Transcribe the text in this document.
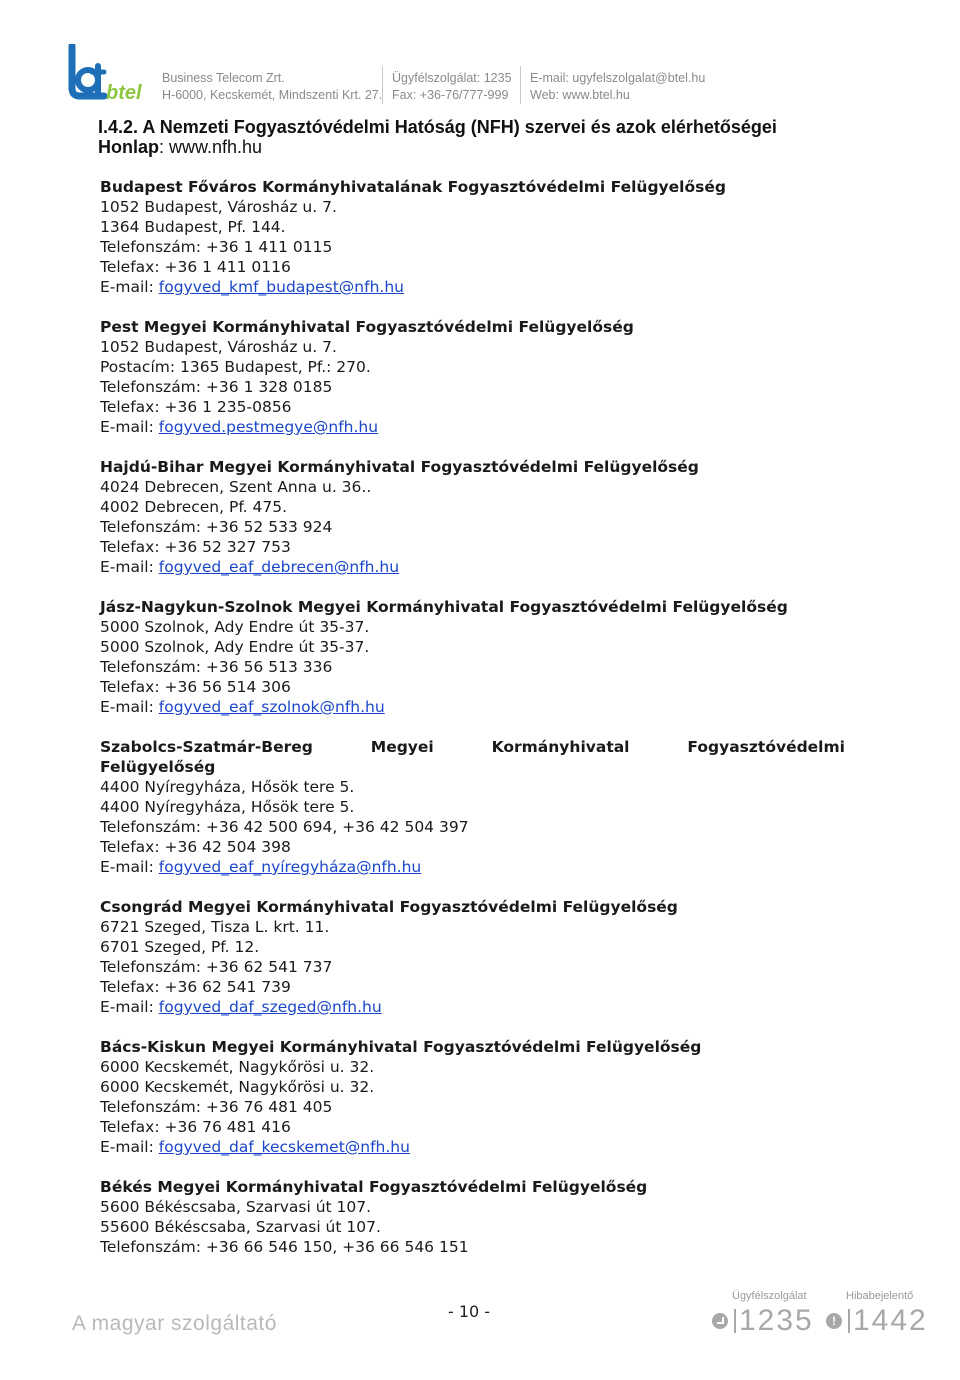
btel
Business Telecom Zrt.
H-6000, Kecskemét, Mindszenti Krt. 27.
Ügyfélszolgálat: 1235
Fax: +36-76/777-999
E-mail: ugyfelszolgalat@btel.hu
Web: www.btel.hu
I.4.2. A Nemzeti Fogyasztóvédelmi Hatóság (NFH) szervei és azok elérhetőségei
Honlap: www.nfh.hu
Budapest Főváros Kormányhivatalának Fogyasztóvédelmi Felügyelőség
1052 Budapest, Városház u. 7.
1364 Budapest, Pf. 144.
Telefonszám: +36 1 411 0115
Telefax: +36 1 411 0116
E-mail: fogyved_kmf_budapest@nfh.hu
Pest Megyei Kormányhivatal Fogyasztóvédelmi Felügyelőség
1052 Budapest, Városház u. 7.
Postacím: 1365 Budapest, Pf.: 270.
Telefonszám: +36 1 328 0185
Telefax: +36 1 235-0856
E-mail: fogyved.pestmegye@nfh.hu
Hajdú-Bihar Megyei Kormányhivatal Fogyasztóvédelmi Felügyelőség
4024 Debrecen, Szent Anna u. 36..
4002 Debrecen, Pf. 475.
Telefonszám: +36 52 533 924
Telefax: +36 52 327 753
E-mail: fogyved_eaf_debrecen@nfh.hu
Jász-Nagykun-Szolnok Megyei Kormányhivatal Fogyasztóvédelmi Felügyelőség
5000 Szolnok, Ady Endre út 35-37.
5000 Szolnok, Ady Endre út 35-37.
Telefonszám: +36 56 513 336
Telefax: +36 56 514 306
E-mail: fogyved_eaf_szolnok@nfh.hu
Szabolcs-Szatmár-Bereg	Megyei	Kormányhivatal	Fogyasztóvédelmi
Felügyelőség
4400 Nyíregyháza, Hősök tere 5.
4400 Nyíregyháza, Hősök tere 5.
Telefonszám: +36 42 500 694, +36 42 504 397
Telefax: +36 42 504 398
E-mail: fogyved_eaf_nyíregyháza@nfh.hu
Csongrád Megyei Kormányhivatal Fogyasztóvédelmi Felügyelőség
6721 Szeged, Tisza L. krt. 11.
6701 Szeged, Pf. 12.
Telefonszám: +36 62 541 737
Telefax: +36 62 541 739
E-mail: fogyved_daf_szeged@nfh.hu
Bács-Kiskun Megyei Kormányhivatal Fogyasztóvédelmi Felügyelőség
6000 Kecskemét, Nagykőrösi u. 32.
6000 Kecskemét, Nagykőrösi u. 32.
Telefonszám: +36 76 481 405
Telefax: +36 76 481 416
E-mail: fogyved_daf_kecskemet@nfh.hu
Békés Megyei Kormányhivatal Fogyasztóvédelmi Felügyelőség
5600 Békéscsaba, Szarvasi út 107.
55600 Békéscsaba, Szarvasi út 107.
Telefonszám: +36 66 546 150, +36 66 546 151
A magyar szolgáltató
- 10 -
Ügyfélszolgálat
1235
Hibabejelentő
! 1442
